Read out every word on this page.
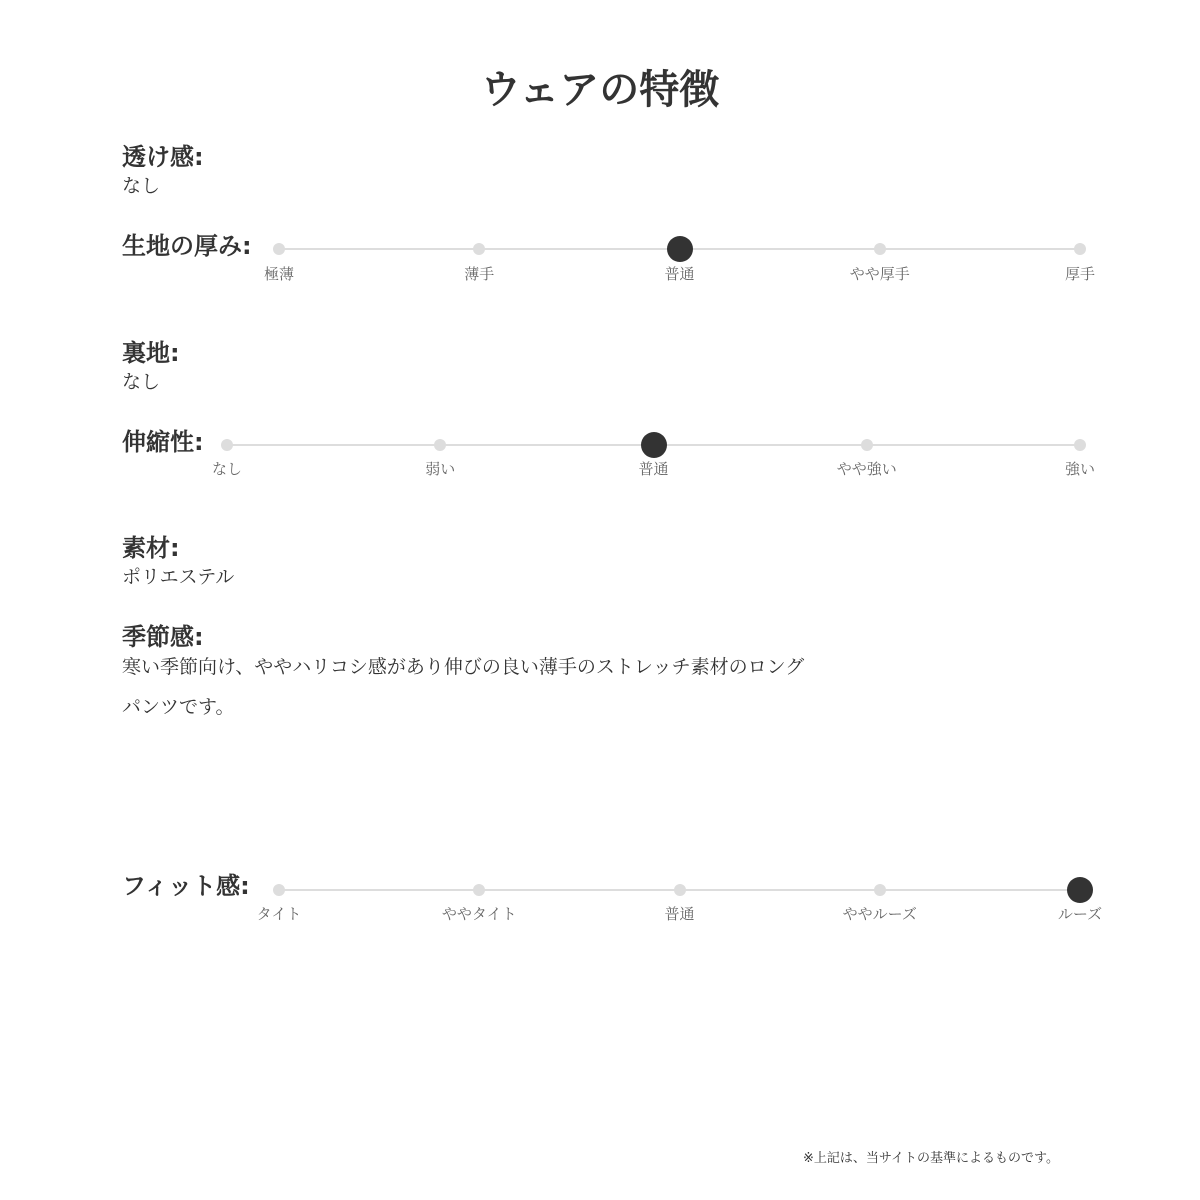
ウェアの特徴
透け感:
なし
生地の厚み:
極薄	薄手	普通	やや厚手	厚手
裏地:
なし
伸縮性:
なし	弱い	普通	やや強い	強い
素材:
ポリエステル
季節感:
寒い季節向け、ややハリコシ感があり伸びの良い薄手のストレッチ素材のロング
パンツです。
フィット感:
タイト	ややタイト	普通	ややルーズ	ルーズ
※上記は、当サイトの基準によるものです。
